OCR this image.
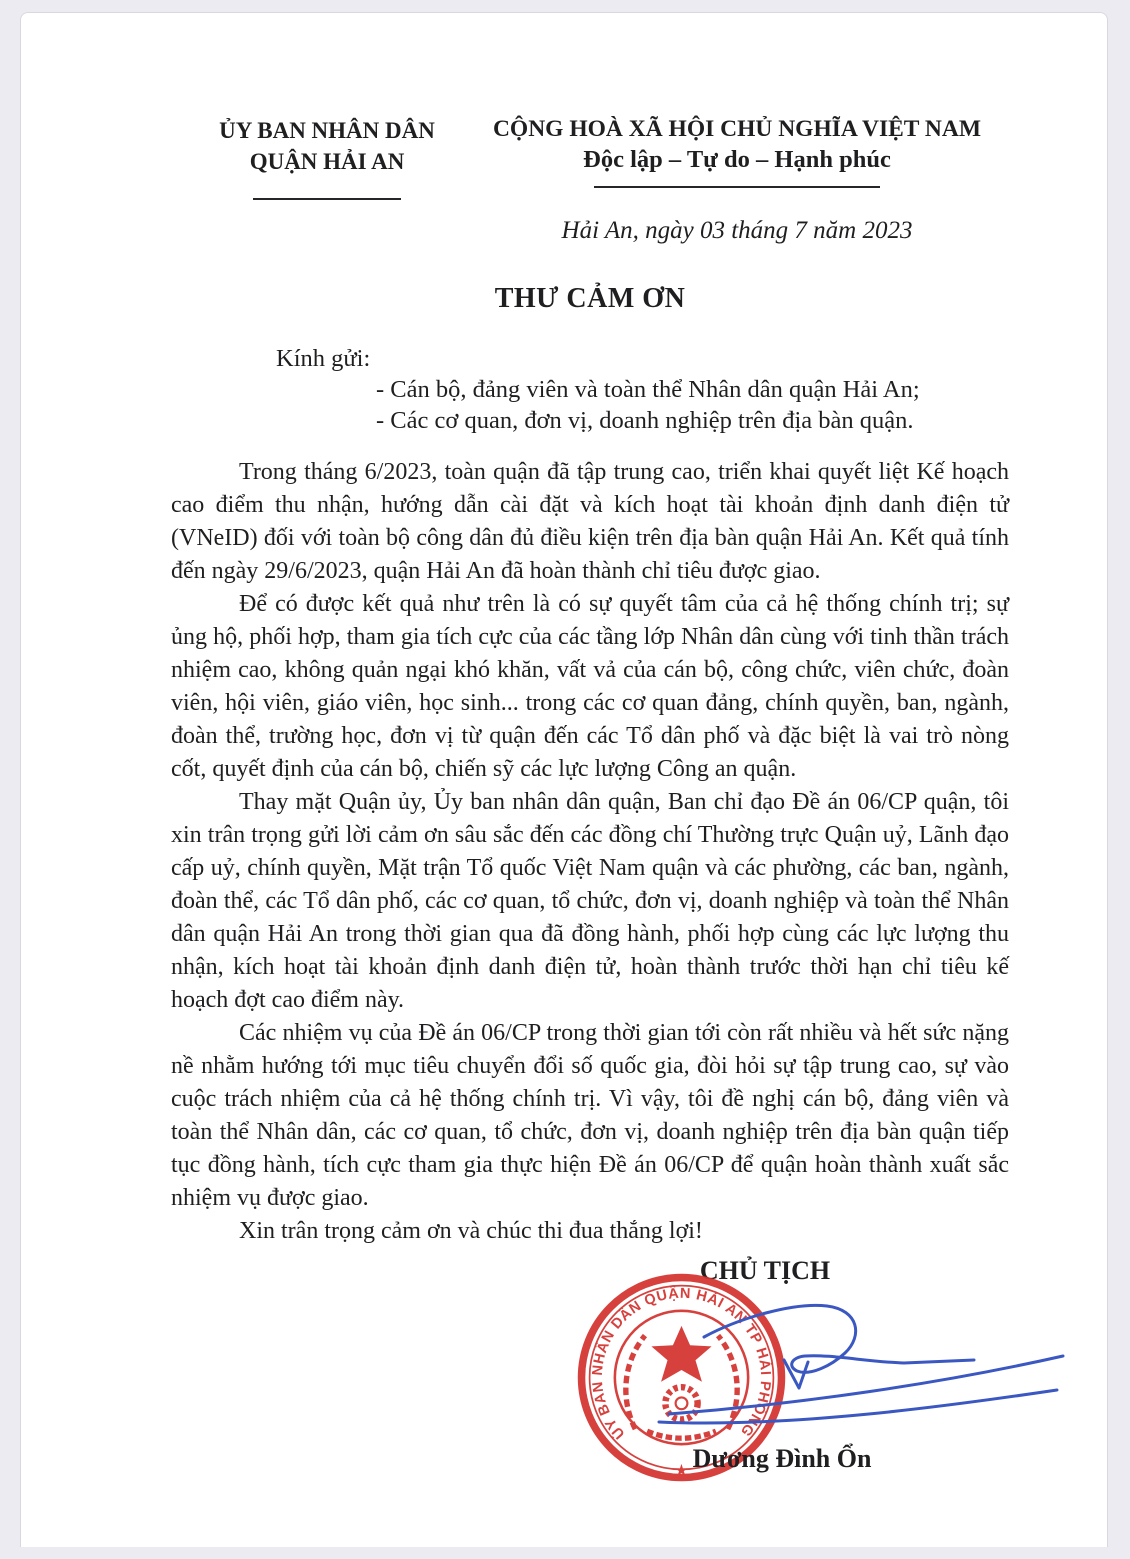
ỦY BAN NHÂN DÂN
QUẬN HẢI AN
CỘNG HOÀ XÃ HỘI CHỦ NGHĨA VIỆT NAM
Độc lập – Tự do – Hạnh phúc
Hải An, ngày 03 tháng 7 năm 2023
THƯ CẢM ƠN
Kính gửi:
- Cán bộ, đảng viên và toàn thể Nhân dân quận Hải An;
- Các cơ quan, đơn vị, doanh nghiệp trên địa bàn quận.

Trong tháng 6/2023, toàn quận đã tập trung cao, triển khai quyết liệt Kế hoạch cao điểm thu nhận, hướng dẫn cài đặt và kích hoạt tài khoản định danh điện tử (VNeID) đối với toàn bộ công dân đủ điều kiện trên địa bàn quận Hải An. Kết quả tính đến ngày 29/6/2023, quận Hải An đã hoàn thành chỉ tiêu được giao.

Để có được kết quả như trên là có sự quyết tâm của cả hệ thống chính trị; sự ủng hộ, phối hợp, tham gia tích cực của các tầng lớp Nhân dân cùng với tinh thần trách nhiệm cao, không quản ngại khó khăn, vất vả của cán bộ, công chức, viên chức, đoàn viên, hội viên, giáo viên, học sinh... trong các cơ quan đảng, chính quyền, ban, ngành, đoàn thể, trường học, đơn vị từ quận đến các Tổ dân phố và đặc biệt là vai trò nòng cốt, quyết định của cán bộ, chiến sỹ các lực lượng Công an quận.

Thay mặt Quận ủy, Ủy ban nhân dân quận, Ban chỉ đạo Đề án 06/CP quận, tôi xin trân trọng gửi lời cảm ơn sâu sắc đến các đồng chí Thường trực Quận uỷ, Lãnh đạo cấp uỷ, chính quyền, Mặt trận Tổ quốc Việt Nam quận và các phường, các ban, ngành, đoàn thể, các Tổ dân phố, các cơ quan, tổ chức, đơn vị, doanh nghiệp và toàn thể Nhân dân quận Hải An trong thời gian qua đã đồng hành, phối hợp cùng các lực lượng thu nhận, kích hoạt tài khoản định danh điện tử, hoàn thành trước thời hạn chỉ tiêu kế hoạch đợt cao điểm này.

Các nhiệm vụ của Đề án 06/CP trong thời gian tới còn rất nhiều và hết sức nặng nề nhằm hướng tới mục tiêu chuyển đổi số quốc gia, đòi hỏi sự tập trung cao, sự vào cuộc trách nhiệm của cả hệ thống chính trị. Vì vậy, tôi đề nghị cán bộ, đảng viên và toàn thể Nhân dân, các cơ quan, tổ chức, đơn vị, doanh nghiệp trên địa bàn quận tiếp tục đồng hành, tích cực tham gia thực hiện Đề án 06/CP để quận hoàn thành xuất sắc nhiệm vụ được giao.

Xin trân trọng cảm ơn và chúc thi đua thắng lợi!

CHỦ TỊCH
ỦY BAN NHÂN DÂN QUẬN HẢI AN TP HẢI PHÒNG
★ Dương Đình Ổn
